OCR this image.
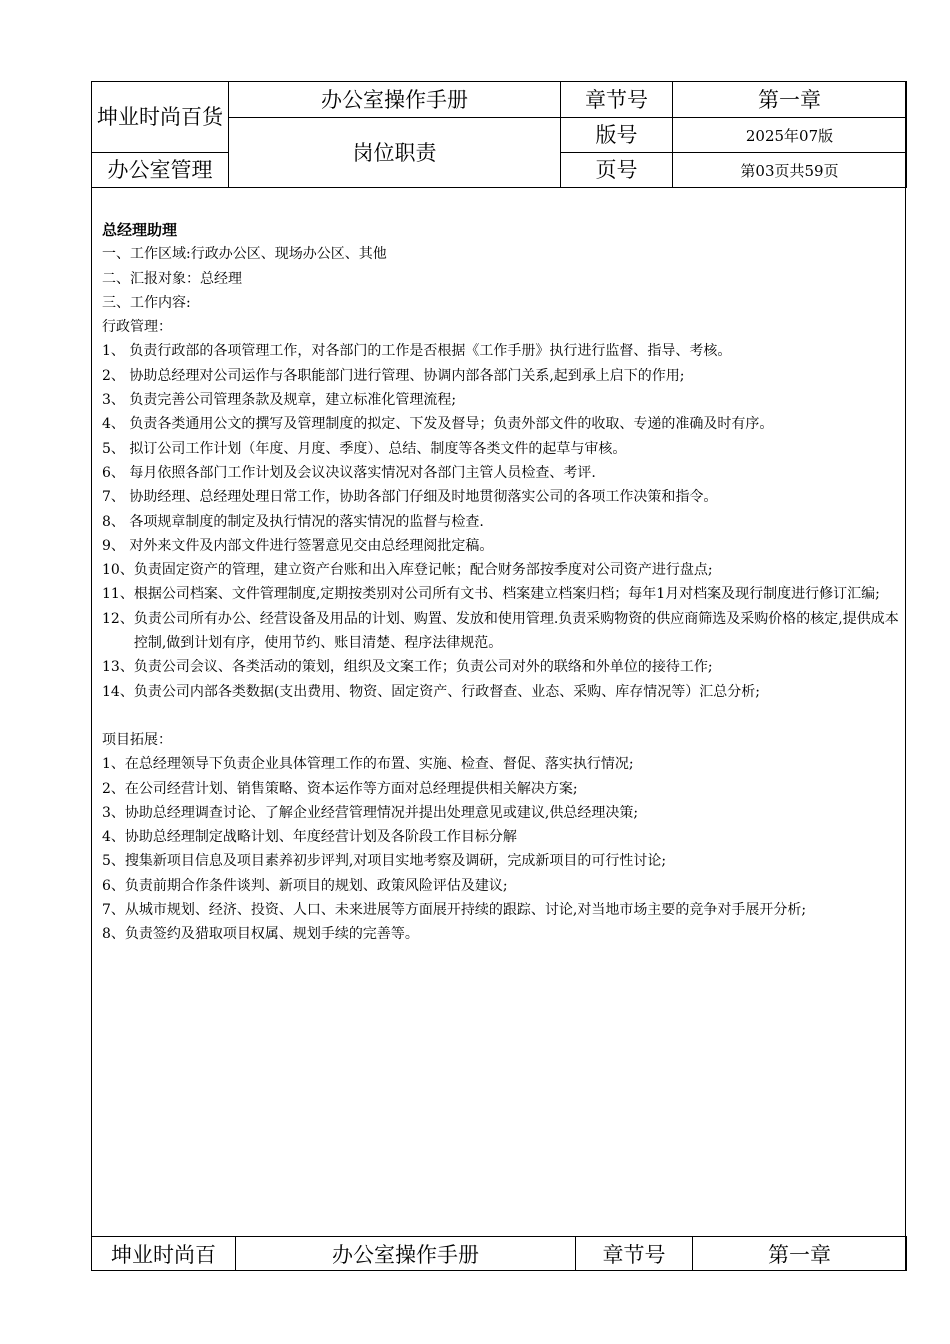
坤业时尚百货	办公室操作手册	章节号	第一章
	岗位职责	版号	2025年07版
办公室管理		页号	第03页共59页
总经理助理
一、工作区域:行政办公区、现场办公区、其他
二、汇报对象：总经理
三、工作内容:
行政管理：
1、 负责行政部的各项管理工作，对各部门的工作是否根据《工作手册》执行进行监督、指导、考核。
2、 协助总经理对公司运作与各职能部门进行管理、协调内部各部门关系,起到承上启下的作用;
3、 负责完善公司管理条款及规章，建立标准化管理流程;
4、 负责各类通用公文的撰写及管理制度的拟定、下发及督导；负责外部文件的收取、专递的准确及时有序。
5、 拟订公司工作计划（年度、月度、季度）、总结、制度等各类文件的起草与审核。
6、 每月依照各部门工作计划及会议决议落实情况对各部门主管人员检查、考评.
7、 协助经理、总经理处理日常工作，协助各部门仔细及时地贯彻落实公司的各项工作决策和指令。
8、 各项规章制度的制定及执行情况的落实情况的监督与检查.
9、 对外来文件及内部文件进行签署意见交由总经理阅批定稿。
10、 负责固定资产的管理，建立资产台账和出入库登记帐；配合财务部按季度对公司资产进行盘点;
11、 根据公司档案、文件管理制度,定期按类别对公司所有文书、档案建立档案归档；每年1月对档案及现行制度进行修订汇编;
12、 负责公司所有办公、经营设备及用品的计划、购置、发放和使用管理.负责采购物资的供应商筛选及采购价格的核定,提供成本控制,做到计划有序，使用节约、账目清楚、程序法律规范。
13、 负责公司会议、各类活动的策划，组织及文案工作；负责公司对外的联络和外单位的接待工作;
14、 负责公司内部各类数据(支出费用、物资、固定资产、行政督查、业态、采购、库存情况等）汇总分析;
项目拓展：
1、在总经理领导下负责企业具体管理工作的布置、实施、检查、督促、落实执行情况;
2、在公司经营计划、销售策略、资本运作等方面对总经理提供相关解决方案;
3、协助总经理调查讨论、了解企业经营管理情况并提出处理意见或建议,供总经理决策;
4、协助总经理制定战略计划、年度经营计划及各阶段工作目标分解
5、搜集新项目信息及项目素养初步评判,对项目实地考察及调研，完成新项目的可行性讨论;
6、负责前期合作条件谈判、新项目的规划、政策风险评估及建议;
7、从城市规划、经济、投资、人口、未来进展等方面展开持续的跟踪、讨论,对当地市场主要的竞争对手展开分析;
8、负责签约及猎取项目权属、规划手续的完善等。
坤业时尚百	办公室操作手册	章节号	第一章
